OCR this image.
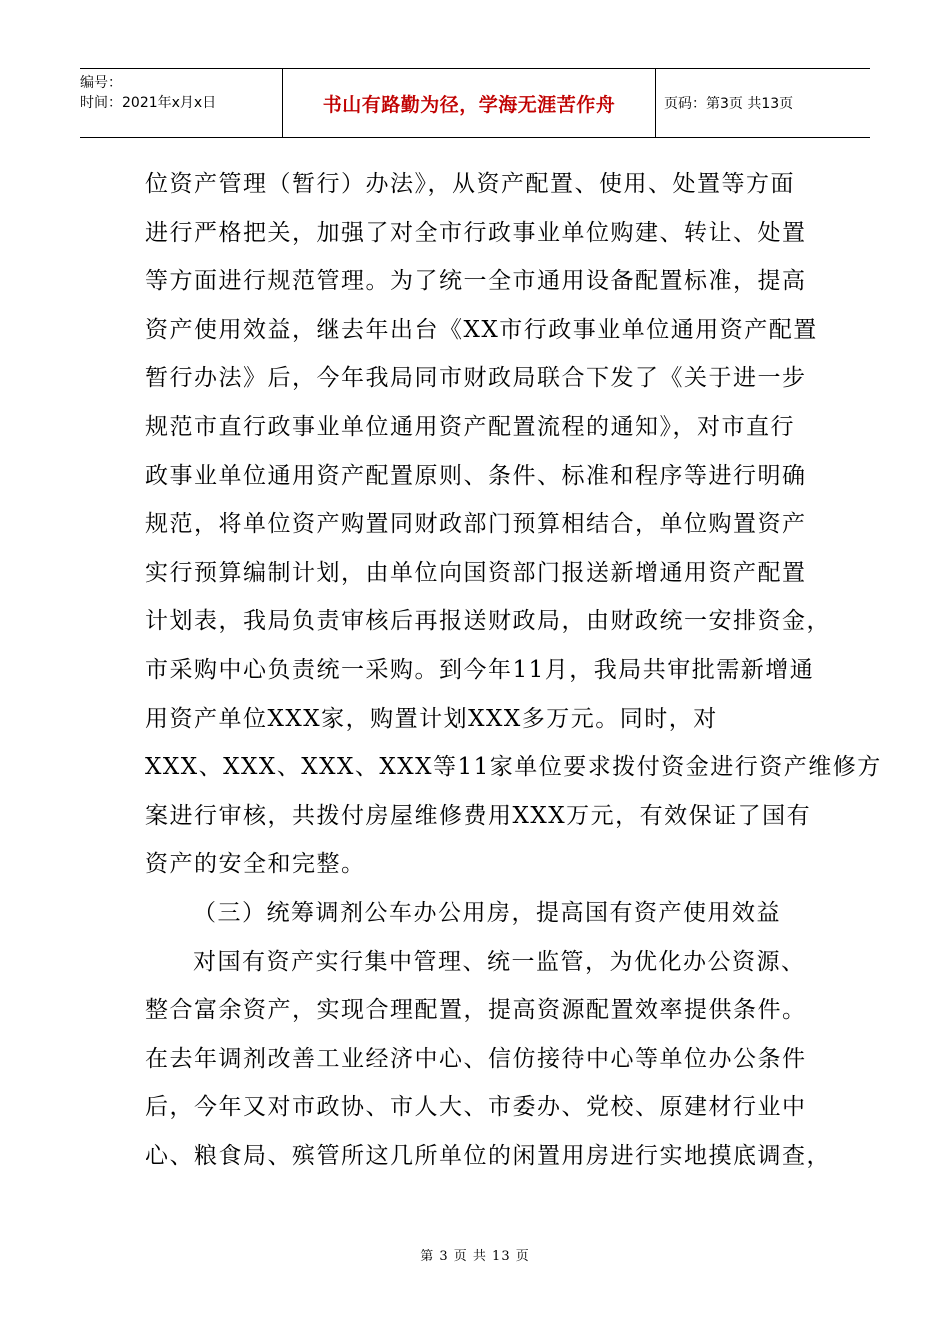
编号：
时间：2021年x月x日	书山有路勤为径，学海无涯苦作舟	页码：第3页 共13页
位资产管理（暂行）办法》，从资产配置、使用、处置等方面
进行严格把关，加强了对全市行政事业单位购建、转让、处置
等方面进行规范管理。为了统一全市通用设备配置标准，提高
资产使用效益，继去年出台《XX市行政事业单位通用资产配置
暂行办法》后，今年我局同市财政局联合下发了《关于进一步
规范市直行政事业单位通用资产配置流程的通知》，对市直行
政事业单位通用资产配置原则、条件、标准和程序等进行明确
规范，将单位资产购置同财政部门预算相结合，单位购置资产
实行预算编制计划，由单位向国资部门报送新增通用资产配置
计划表，我局负责审核后再报送财政局，由财政统一安排资金，
市采购中心负责统一采购。到今年11月，我局共审批需新增通
用资产单位XXX家，购置计划XXX多万元。同时，对
XXX、XXX、XXX、XXX等11家单位要求拨付资金进行资产维修方
案进行审核，共拨付房屋维修费用XXX万元，有效保证了国有
资产的安全和完整。
（三）统筹调剂公车办公用房，提高国有资产使用效益
对国有资产实行集中管理、统一监管，为优化办公资源、
整合富余资产，实现合理配置，提高资源配置效率提供条件。
在去年调剂改善工业经济中心、信仿接待中心等单位办公条件
后，今年又对市政协、市人大、市委办、党校、原建材行业中
心、粮食局、殡管所这几所单位的闲置用房进行实地摸底调查，
第 3 页 共 13 页
